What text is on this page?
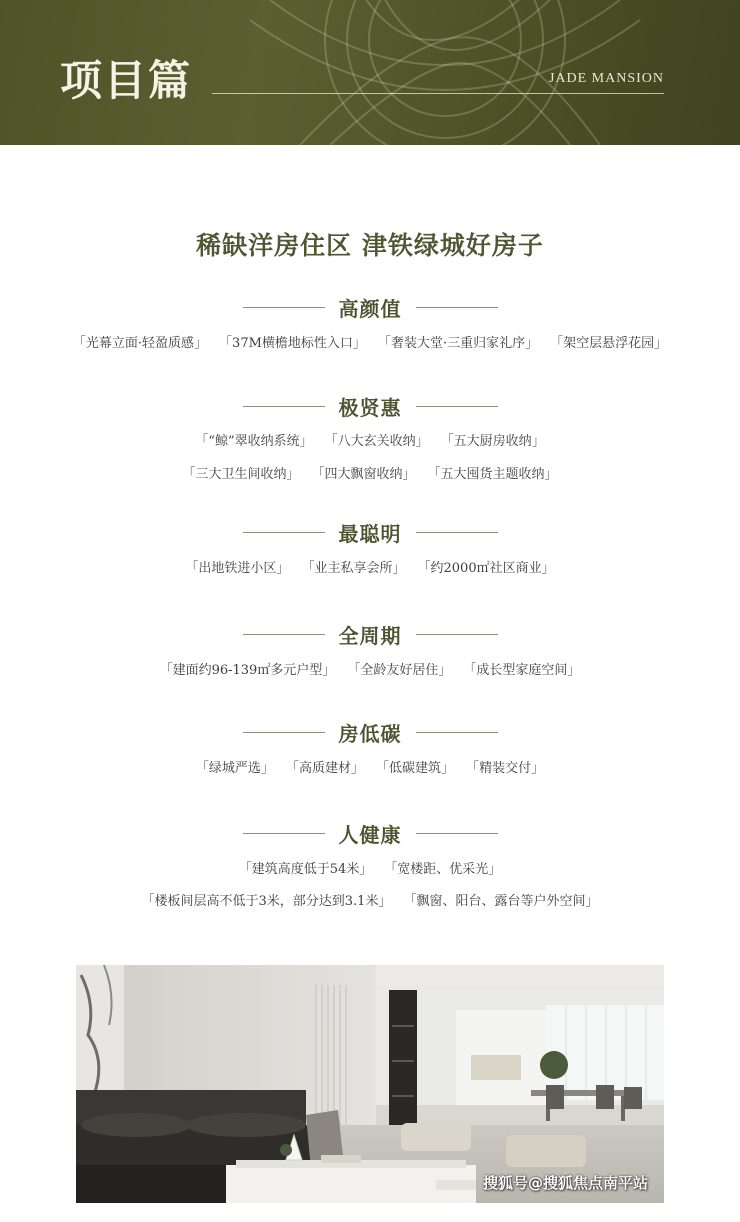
项目篇	JADE MANSION
稀缺洋房住区 津铁绿城好房子
高颜值
「 光幕立面·轻盈质感 」	「 37M横檐地标性入口 」	「 奢装大堂·三重归家礼序 」	「 架空层悬浮花园 」
极贤惠
「 “鲸”翠收纳系统 」	「 八大玄关收纳 」	「 五大厨房收纳 」
「 三大卫生间收纳 」	「 四大飘窗收纳 」	「 五大囤货主题收纳 」
最聪明
「 出地铁进小区 」	「 业主私享会所 」	「 约2000㎡社区商业 」
全周期
「 建面约96-139㎡多元户型 」	「 全龄友好居住 」	「 成长型家庭空间 」
房低碳
「 绿城严选 」	「 高质建材 」	「 低碳建筑 」	「 精装交付 」
人健康
「 建筑高度低于54米 」	「 宽楼距、优采光 」
「 楼板间层高不低于3米，部分达到3.1米 」	「 飘窗、阳台、露台等户外空间 」
搜狐号@搜狐焦点南平站
